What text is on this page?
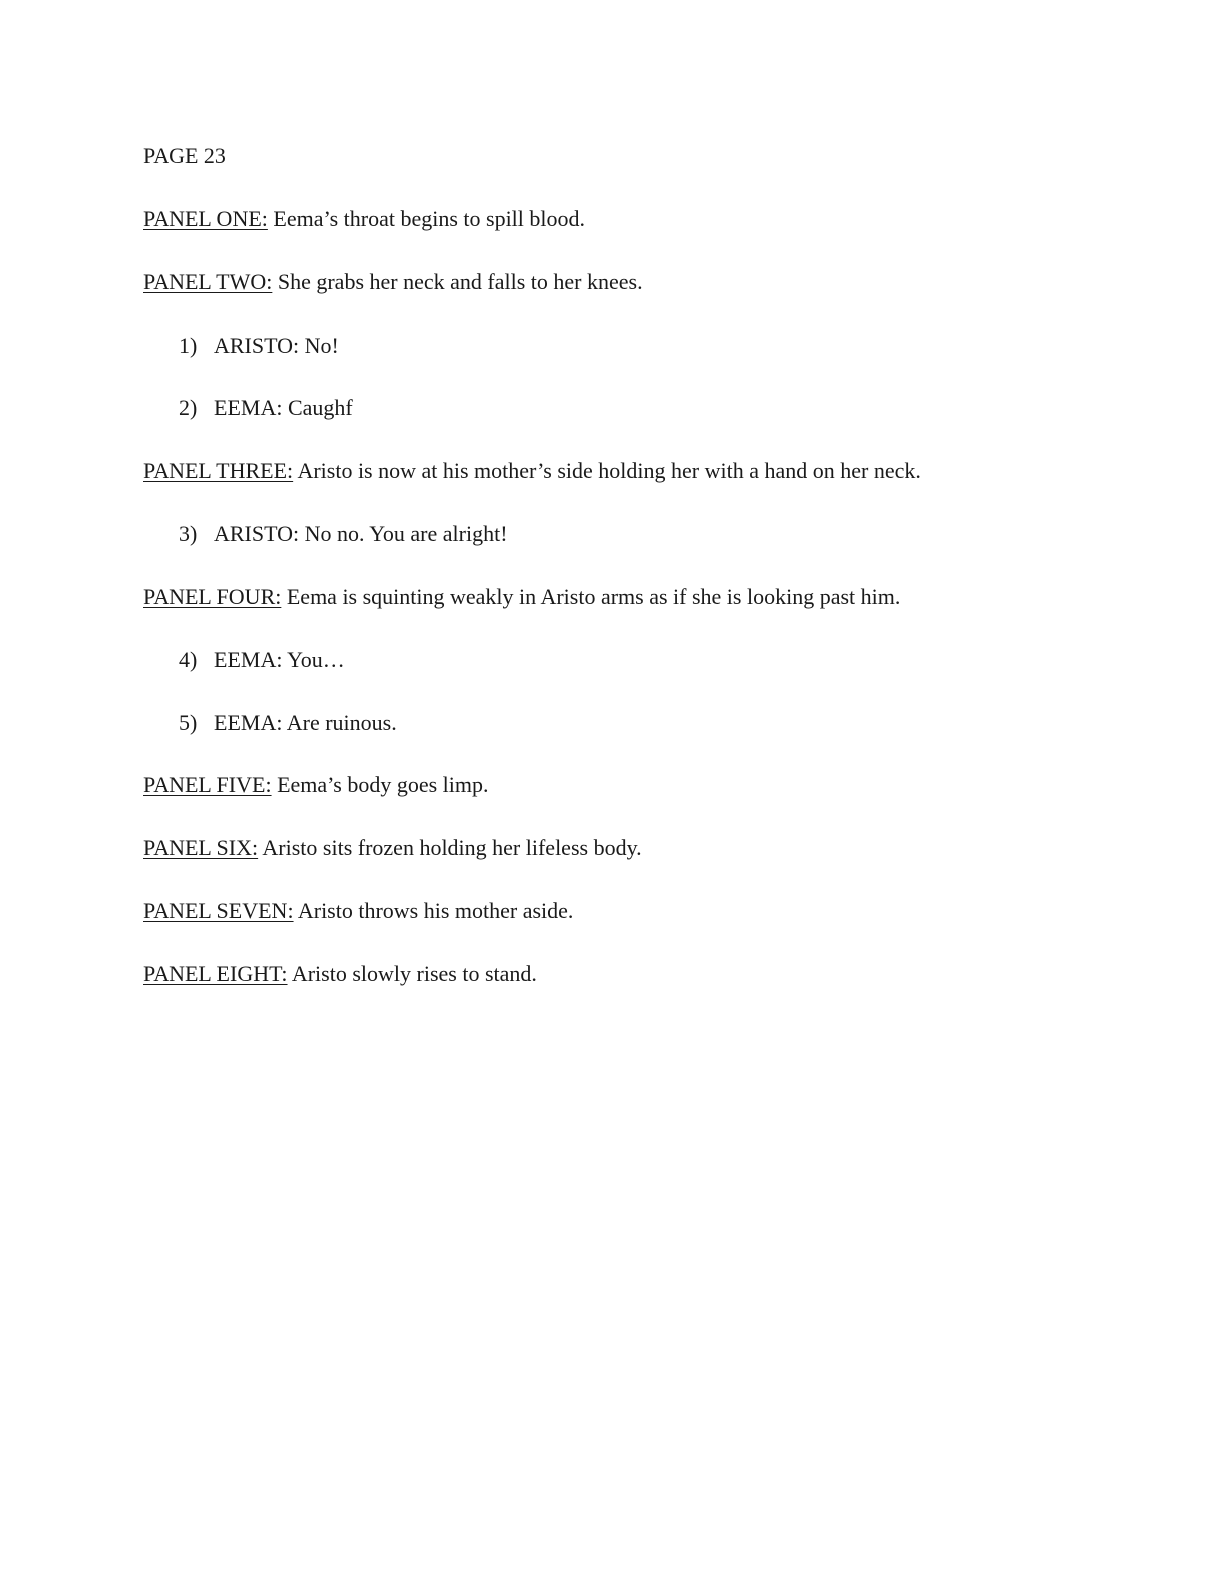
PAGE 23
PANEL ONE: Eema’s throat begins to spill blood.
PANEL TWO: She grabs her neck and falls to her knees.
1) ARISTO: No!
2) EEMA: Caughf
PANEL THREE: Aristo is now at his mother’s side holding her with a hand on her neck.
3) ARISTO: No no. You are alright!
PANEL FOUR: Eema is squinting weakly in Aristo arms as if she is looking past him.
4) EEMA: You…
5) EEMA: Are ruinous.
PANEL FIVE: Eema’s body goes limp.
PANEL SIX: Aristo sits frozen holding her lifeless body.
PANEL SEVEN: Aristo throws his mother aside.
PANEL EIGHT: Aristo slowly rises to stand.
